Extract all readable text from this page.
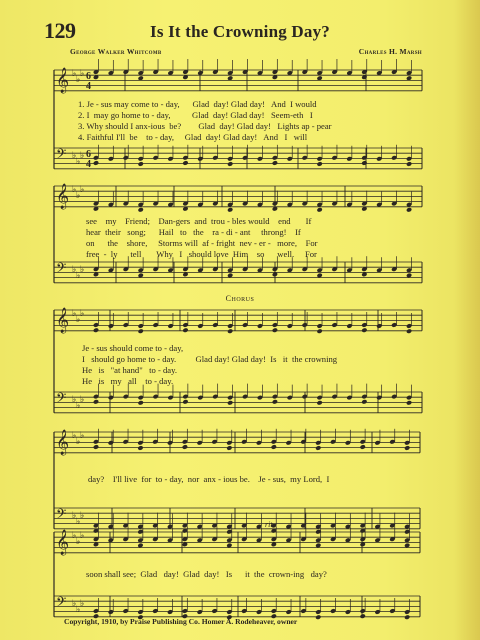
129	Is It the Crowning Day?
George Walker Whitcomb	Charles H. Marsh
𝄞
𝄢
♭
♭
♭
♭
♭
♭
6
4
6
4
𝄞
𝄢
♭
♭
♭
♭
♭
♭
𝄞
𝄢
♭
♭
♭
♭
♭
♭
𝄞
𝄢
♭
♭
♭
♭
♭
♭
𝄞
𝄢
♭
♭
♭
♭
♭
♭
1. Je - sus may come to - day,      Glad  day! Glad day!   And  I would
2. I  may go home to - day,          Glad  day! Glad day!   Seem-eth   I
3. Why should I anx-ious  be?        Glad  day! Glad day!   Lights ap - pear
4. Faithful I'll  be    to - day,     Glad  day! Glad day!   And   I   will
see    my    Friend;    Dan-gers  and  trou - bles would    end       If
hear  their   song;      Hail   to   the    ra - di - ant     throng!    If
on      the    shore,     Storms will  af - fright  nev - er -   more,    For
free  -  ly      tell       Why   I   should love  Him    so      well.     For
Chorus
Je - sus should come to - day,
I   should go home to - day.         Glad day! Glad day!  Is   it  the crowning
He   is   "at hand"   to - day.
He   is   my   all    to - day.
day?    I'll live  for  to - day,  nor  anx - ious be.    Je - sus,  my Lord,  I
rit.
soon shall see;  Glad   day!  Glad  day!   Is      it  the  crown-ing   day?
Copyright, 1910, by Praise Publishing Co. Homer A. Rodeheaver, owner
